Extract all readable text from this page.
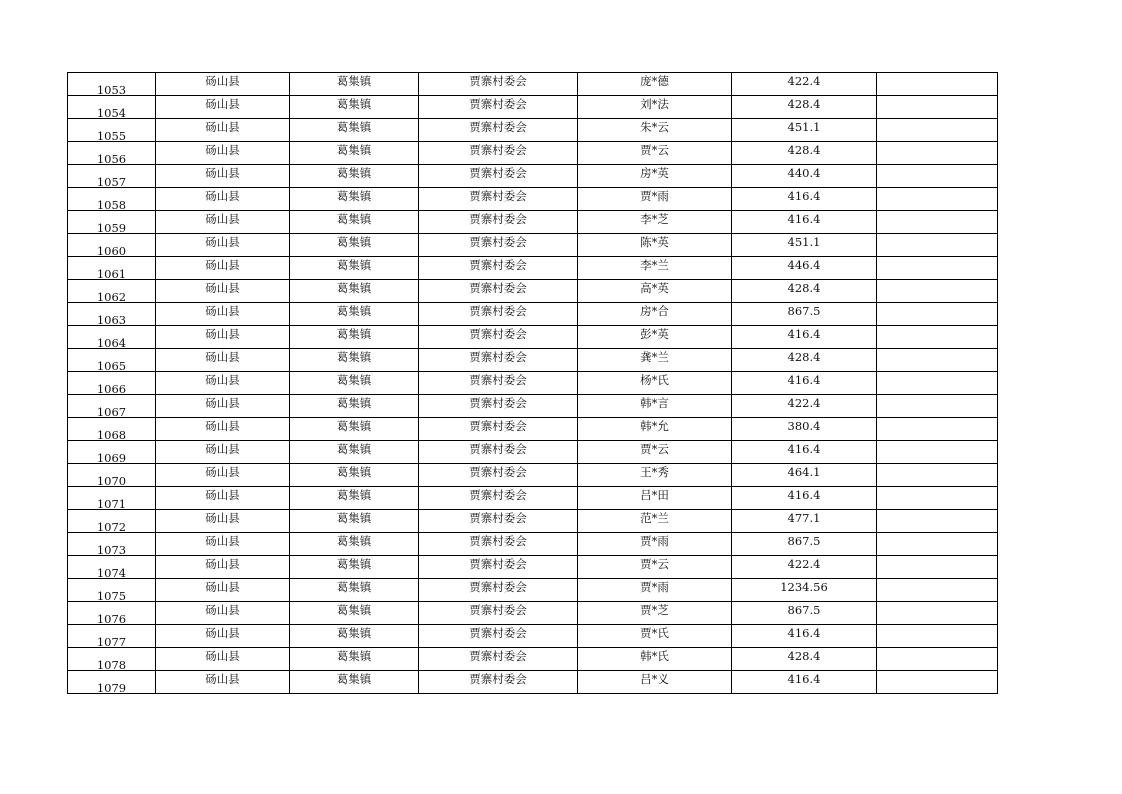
1053	砀山县	葛集镇	贾寨村委会	庞*德	422.4	
1054	砀山县	葛集镇	贾寨村委会	刘*法	428.4	
1055	砀山县	葛集镇	贾寨村委会	朱*云	451.1	
1056	砀山县	葛集镇	贾寨村委会	贾*云	428.4	
1057	砀山县	葛集镇	贾寨村委会	房*英	440.4	
1058	砀山县	葛集镇	贾寨村委会	贾*雨	416.4	
1059	砀山县	葛集镇	贾寨村委会	李*芝	416.4	
1060	砀山县	葛集镇	贾寨村委会	陈*英	451.1	
1061	砀山县	葛集镇	贾寨村委会	李*兰	446.4	
1062	砀山县	葛集镇	贾寨村委会	高*英	428.4	
1063	砀山县	葛集镇	贾寨村委会	房*合	867.5	
1064	砀山县	葛集镇	贾寨村委会	彭*英	416.4	
1065	砀山县	葛集镇	贾寨村委会	龚*兰	428.4	
1066	砀山县	葛集镇	贾寨村委会	杨*氏	416.4	
1067	砀山县	葛集镇	贾寨村委会	韩*言	422.4	
1068	砀山县	葛集镇	贾寨村委会	韩*允	380.4	
1069	砀山县	葛集镇	贾寨村委会	贾*云	416.4	
1070	砀山县	葛集镇	贾寨村委会	王*秀	464.1	
1071	砀山县	葛集镇	贾寨村委会	吕*田	416.4	
1072	砀山县	葛集镇	贾寨村委会	范*兰	477.1	
1073	砀山县	葛集镇	贾寨村委会	贾*雨	867.5	
1074	砀山县	葛集镇	贾寨村委会	贾*云	422.4	
1075	砀山县	葛集镇	贾寨村委会	贾*雨	1234.56	
1076	砀山县	葛集镇	贾寨村委会	贾*芝	867.5	
1077	砀山县	葛集镇	贾寨村委会	贾*氏	416.4	
1078	砀山县	葛集镇	贾寨村委会	韩*氏	428.4	
1079	砀山县	葛集镇	贾寨村委会	吕*义	416.4	
